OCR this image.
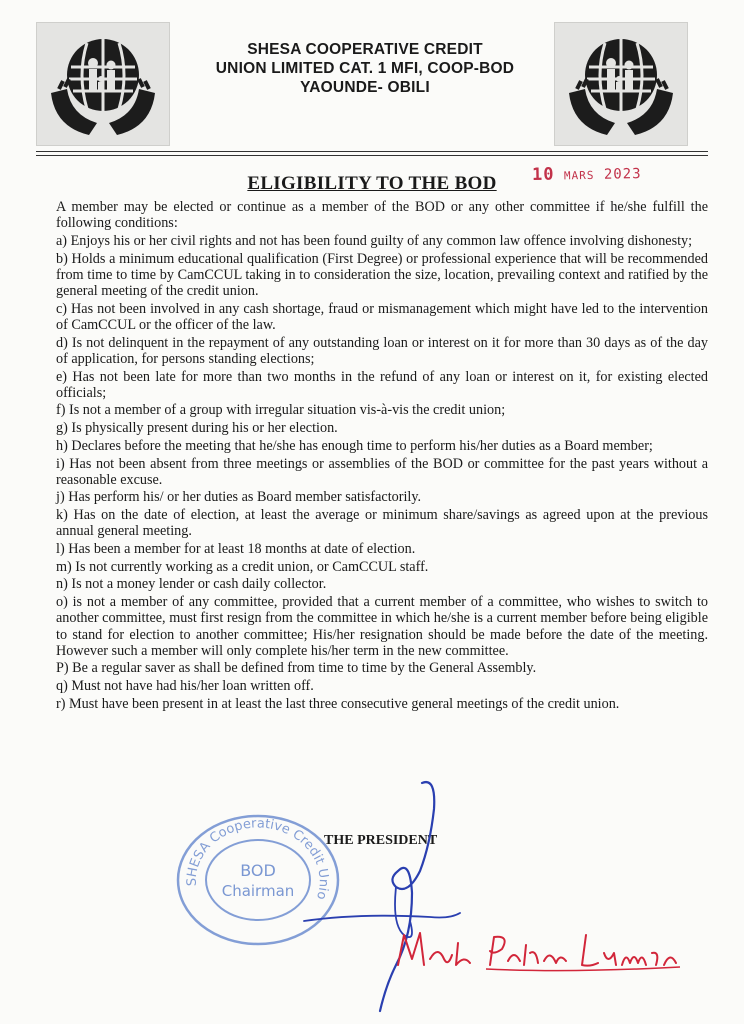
SHESA COOPERATIVE CREDIT
UNION LIMITED CAT. 1 MFI, COOP-BOD
YAOUNDE- OBILI
ELIGIBILITY TO THE BOD	10 MARS 2023

A member may be elected or continue as a member of the BOD or any other committee if he/she fulfill the following conditions:

a) Enjoys his or her civil rights and not has been found guilty of any common law offence involving dishonesty;

b) Holds a minimum educational qualification (First Degree) or professional experience that will be recommended from time to time by CamCCUL taking in to consideration the size, location, prevailing context and ratified by the general meeting of the credit union.

c) Has not been involved in any cash shortage, fraud or mismanagement which might have led to the intervention of CamCCUL or the officer of the law.

d) Is not delinquent in the repayment of any outstanding loan or interest on it for more than 30 days as of the day of application, for persons standing elections;

e) Has not been late for more than two months in the refund of any loan or interest on it, for existing elected officials;

f) Is not a member of a group with irregular situation vis-à-vis the credit union;

g) Is physically present during his or her election.

h) Declares before the meeting that he/she has enough time to perform his/her duties as a Board member;

i) Has not been absent from three meetings or assemblies of the BOD or committee for the past years without a reasonable excuse.

j) Has perform his/ or her duties as Board member satisfactorily.

k) Has on the date of election, at least the average or minimum share/savings as agreed upon at the previous annual general meeting.

l) Has been a member for at least 18 months at date of election.

m) Is not currently working as a credit union, or CamCCUL staff.

n) Is not a money lender or cash daily collector.

o) is not a member of any committee, provided that a current member of a committee, who wishes to switch to another committee, must first resign from the committee in which he/she is a current member before being eligible to stand for election to another committee; His/her resignation should be made before the date of the meeting. However such a member will only complete his/her term in the new committee.

P) Be a regular saver as shall be defined from time to time by the General Assembly.

q) Must not have had his/her loan written off.

r) Must have been present in at least the last three consecutive general meetings of the credit union.

SHESA Cooperative Credit Unio
BOD
Chairman
THE PRESIDENT
